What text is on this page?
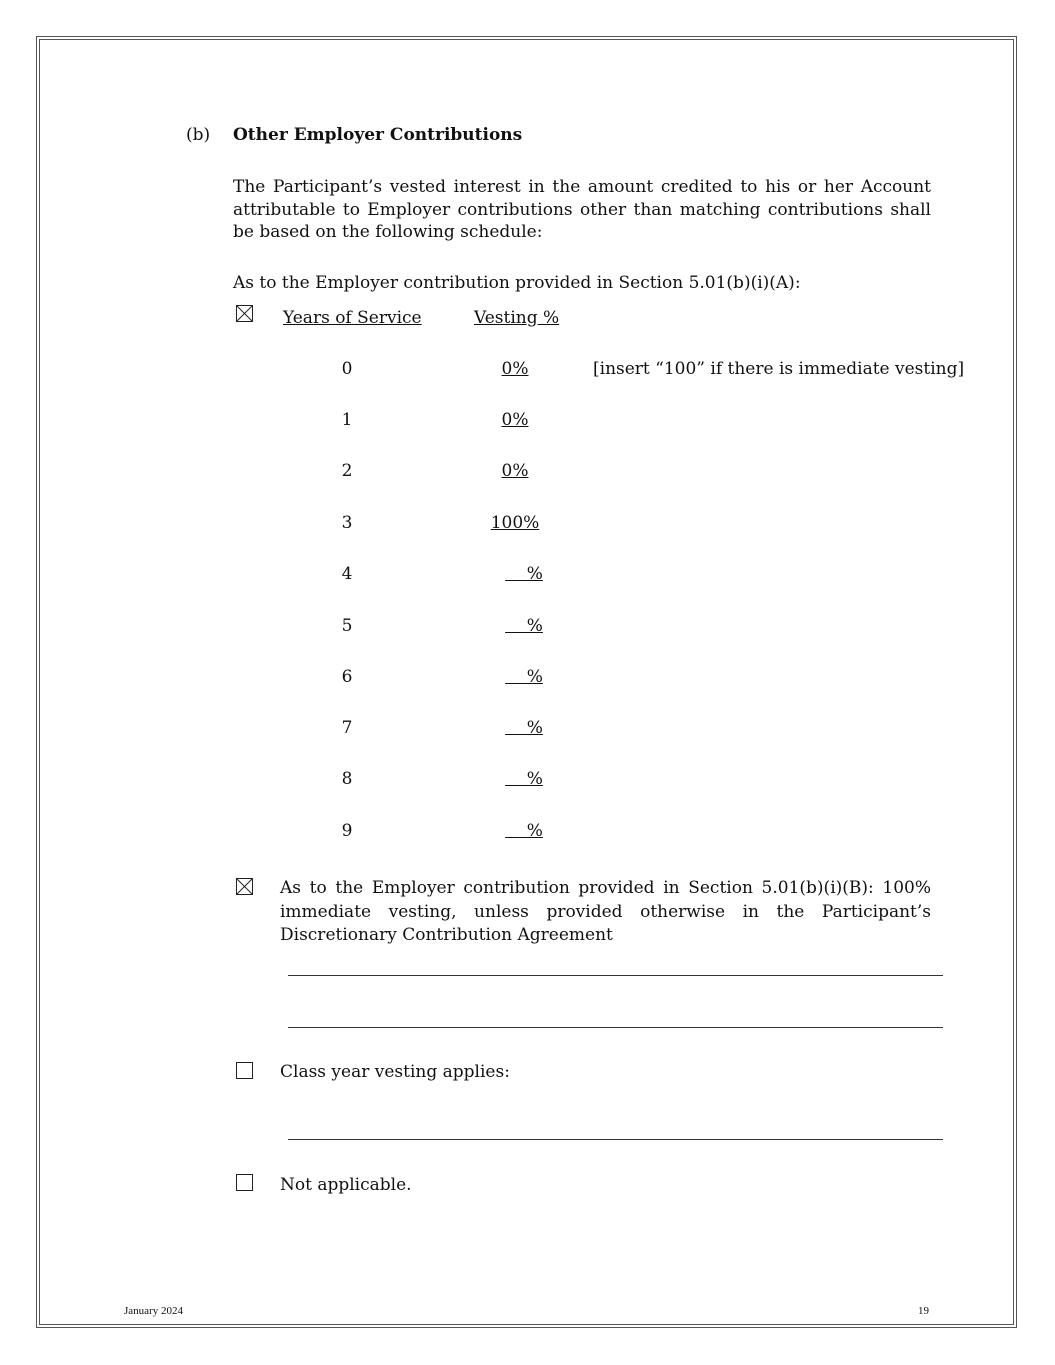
(b) Other Employer Contributions
The Participant’s vested interest in the amount credited to his or her Account attributable to Employer contributions other than matching contributions shall be based on the following schedule:
As to the Employer contribution provided in Section 5.01(b)(i)(A):
Years of Service	Vesting %
[insert “100” if there is immediate vesting]
0	0%
1	0%
2	0%
3	100%
4	%
5	%
6	%
7	%
8	%
9	%
As to the Employer contribution provided in Section 5.01(b)(i)(B): 100% immediate vesting, unless provided otherwise in the Participant’s Discretionary Contribution Agreement
Class year vesting applies:
Not applicable.
January 2024	19
